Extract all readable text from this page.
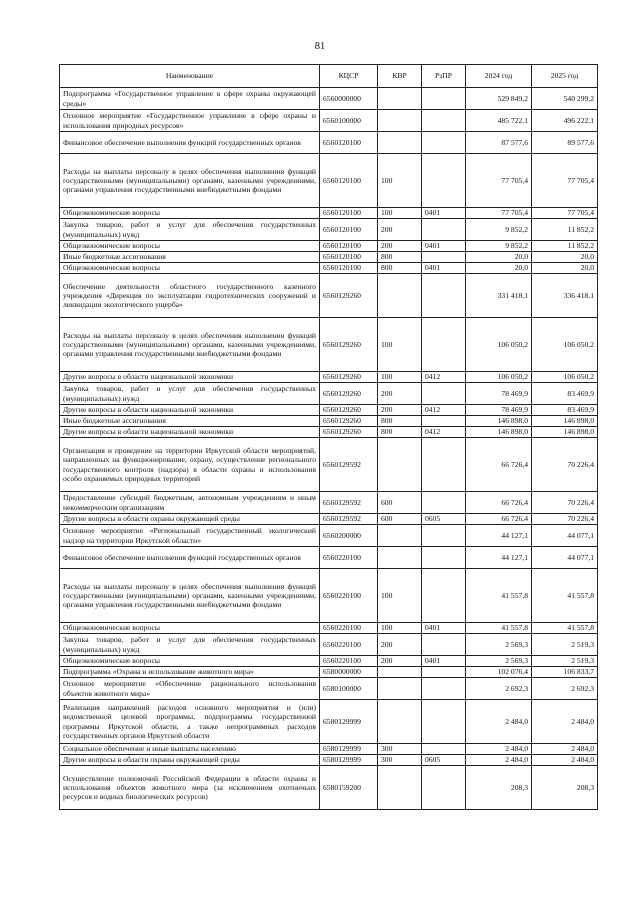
81
Наименование	КЦСР	КВР	РзПР	2024 год	2025 год
Подпрограмма «Государственное управление в сфере охраны окружающей среды»	6560000000			529 849,2	540 299,2
Основное мероприятие «Государственное управление в сфере охраны и использования природных ресурсов»	6560100000			485 722,1	496 222,1
Финансовое обеспечение выполнения функций государственных органов	6560120100			87 577,6	89 577,6
Расходы на выплаты персоналу в целях обеспечения выполнения функций государственными (муниципальными) органами, казенными учреждениями, органами управления государственными внебюджетными фондами	6560120100	100		77 705,4	77 705,4
Общеэкономические вопросы	6560120100	100	0401	77 705,4	77 705,4
Закупка товаров, работ и услуг для обеспечения государственных (муниципальных) нужд	6560120100	200		9 852,2	11 852,2
Общеэкономические вопросы	6560120100	200	0401	9 852,2	11 852,2
Иные бюджетные ассигнования	6560120100	800		20,0	20,0
Общеэкономические вопросы	6560120100	800	0401	20,0	20,0
Обеспечение деятельности областного государственного казенного учреждения «Дирекция по эксплуатации гидротехнических сооружений и ликвидации экологического ущерба»	6560129260			331 418,1	336 418,1
Расходы на выплаты персоналу в целях обеспечения выполнения функций государственными (муниципальными) органами, казенными учреждениями, органами управления государственными внебюджетными фондами	6560129260	100		106 050,2	106 050,2
Другие вопросы в области национальной экономики	6560129260	100	0412	106 050,2	106 050,2
Закупка товаров, работ и услуг для обеспечения государственных (муниципальных) нужд	6560129260	200		78 469,9	83 469,9
Другие вопросы в области национальной экономики	6560129260	200	0412	78 469,9	83 469,9
Иные бюджетные ассигнования	6560129260	800		146 898,0	146 898,0
Другие вопросы в области национальной экономики	6560129260	800	0412	146 898,0	146 898,0
Организация и проведение на территории Иркутской области мероприятий, направленных на функционирование, охрану, осуществление регионального государственного контроля (надзора) в области охраны и использования особо охраняемых природных территорий	6560129592			66 726,4	70 226,4
Предоставление субсидий бюджетным, автономным учреждениям и иным некоммерческим организациям	6560129592	600		66 726,4	70 226,4
Другие вопросы в области охраны окружающей среды	6560129592	600	0605	66 726,4	70 226,4
Основное мероприятие «Региональный государственный экологический надзор на территории Иркутской области»	6560200000			44 127,1	44 077,1
Финансовое обеспечение выполнения функций государственных органов	6560220100			44 127,1	44 077,1
Расходы на выплаты персоналу в целях обеспечения выполнения функций государственными (муниципальными) органами, казенными учреждениями, органами управления государственными внебюджетными фондами	6560220100	100		41 557,8	41 557,8
Общеэкономические вопросы	6560220100	100	0401	41 557,8	41 557,8
Закупка товаров, работ и услуг для обеспечения государственных (муниципальных) нужд	6560220100	200		2 569,3	2 519,3
Общеэкономические вопросы	6560220100	200	0401	2 569,3	2 519,3
Подпрограмма «Охрана и использование животного мира»	6580000000			102 076,4	106 833,7
Основное мероприятие «Обеспечение рационального использования объектов животного мира»	6580100000			2 692,3	2 692,3
Реализация направлений расходов основного мероприятия и (или) ведомственной целевой программы, подпрограммы государственной программы Иркутской области, а также непрограммных расходов государственных органов Иркутской области	6580129999			2 484,0	2 484,0
Социальное обеспечение и иные выплаты населению	6580129999	300		2 484,0	2 484,0
Другие вопросы в области охраны окружающей среды	6580129999	300	0605	2 484,0	2 484,0
Осуществление полномочий Российской Федерации в области охраны и использования объектов животного мира (за исключением охотничьих ресурсов и водных биологических ресурсов)	6580159200			208,3	208,3
